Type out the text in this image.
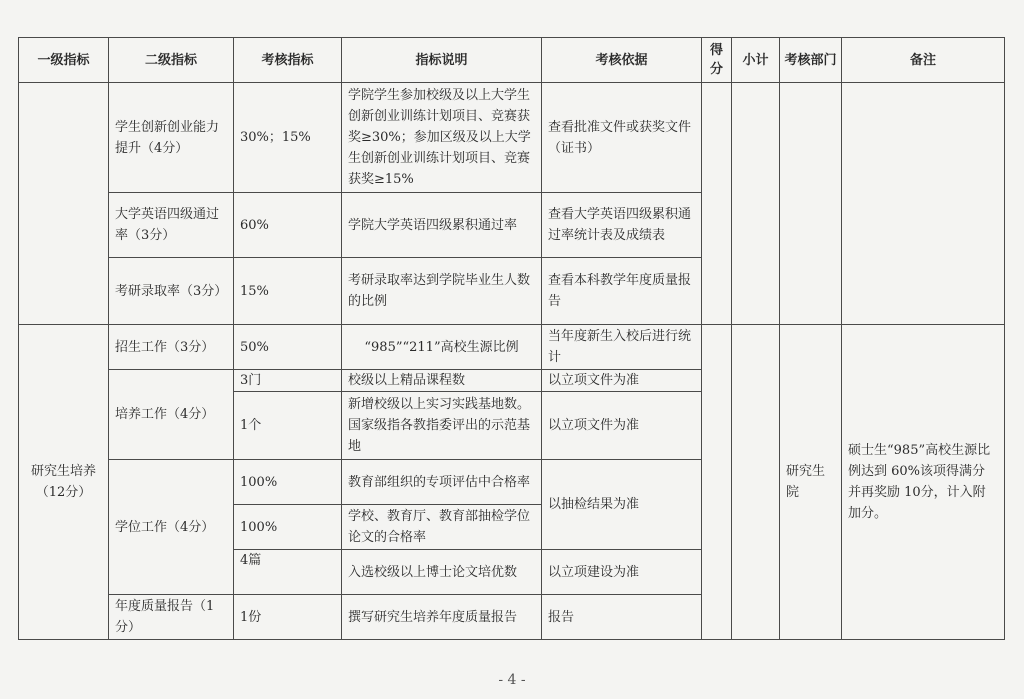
一级指标	二级指标	考核指标	指标说明	考核依据	得分	小计	考核部门	备注
	学生创新创业能力提升（4分）	30%；15%	学院学生参加校级及以上大学生创新创业训练计划项目、竞赛获奖≥30%；参加区级及以上大学生创新创业训练计划项目、竞赛获奖≥15%	查看批准文件或获奖文件（证书）				
	大学英语四级通过率（3分）	60%	学院大学英语四级累积通过率	查看大学英语四级累积通过率统计表及成绩表				
	考研录取率（3分）	15%	考研录取率达到学院毕业生人数的比例	查看本科教学年度质量报告				
研究生培养（12分）	招生工作（3分）	50%	“985”“211”高校生源比例	当年度新生入校后进行统计			研究生院	硕士生“985”高校生源比例达到 60%该项得满分并再奖励 10分，计入附加分。
	培养工作（4分）	3门	校级以上精品课程数	以立项文件为准				
		1个	新增校级以上实习实践基地数。国家级指各教指委评出的示范基地	以立项文件为准				
	学位工作（4分）	100%	教育部组织的专项评估中合格率	以抽检结果为准				
		100%	学校、教育厅、教育部抽检学位论文的合格率					
		4篇	入选校级以上博士论文培优数	以立项建设为准				
	年度质量报告（1分）	1份	撰写研究生培养年度质量报告	报告				
- 4 -
